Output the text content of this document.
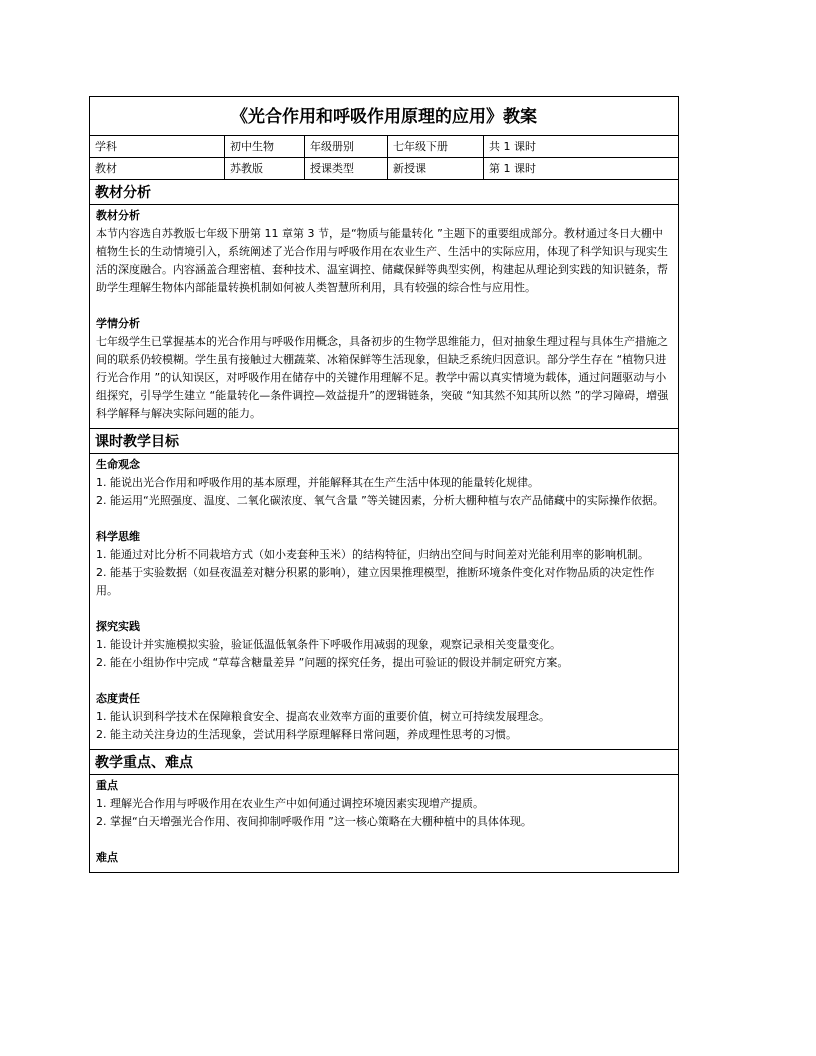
《光合作用和呼吸作用原理的应用》教案
学科	初中生物	年级册别	七年级下册	共 1 课时
教材	苏教版	授课类型	新授课	第 1 课时
教材分析
教材分析

本节内容选自苏教版七年级下册第 11 章第 3 节，是“物质与能量转化 ”主题下的重要组成部分。教材通过冬日大棚中植物生长的生动情境引入，系统阐述了光合作用与呼吸作用在农业生产、生活中的实际应用，体现了科学知识与现实生活的深度融合。内容涵盖合理密植、套种技术、温室调控、储藏保鲜等典型实例，构建起从理论到实践的知识链条，帮助学生理解生物体内部能量转换机制如何被人类智慧所利用，具有较强的综合性与应用性。

学情分析

七年级学生已掌握基本的光合作用与呼吸作用概念，具备初步的生物学思维能力，但对抽象生理过程与具体生产措施之间的联系仍较模糊。学生虽有接触过大棚蔬菜、冰箱保鲜等生活现象，但缺乏系统归因意识。部分学生存在 “植物只进行光合作用 ”的认知误区，对呼吸作用在储存中的关键作用理解不足。教学中需以真实情境为载体，通过问题驱动与小组探究，引导学生建立 “能量转化—条件调控—效益提升”的逻辑链条，突破 “知其然不知其所以然 ”的学习障碍，增强科学解释与解决实际问题的能力。

课时教学目标
生命观念

1. 能说出光合作用和呼吸作用的基本原理，并能解释其在生产生活中体现的能量转化规律。

2. 能运用“光照强度、温度、二氧化碳浓度、氧气含量 ”等关键因素，分析大棚种植与农产品储藏中的实际操作依据。

科学思维

1. 能通过对比分析不同栽培方式（如小麦套种玉米）的结构特征，归纳出空间与时间差对光能利用率的影响机制。

2. 能基于实验数据（如昼夜温差对糖分积累的影响），建立因果推理模型，推断环境条件变化对作物品质的决定性作用。

探究实践

1. 能设计并实施模拟实验，验证低温低氧条件下呼吸作用减弱的现象，观察记录相关变量变化。

2. 能在小组协作中完成 “草莓含糖量差异 ”问题的探究任务，提出可验证的假设并制定研究方案。

态度责任

1. 能认识到科学技术在保障粮食安全、提高农业效率方面的重要价值，树立可持续发展理念。

2. 能主动关注身边的生活现象，尝试用科学原理解释日常问题，养成理性思考的习惯。

教学重点、难点
重点

1. 理解光合作用与呼吸作用在农业生产中如何通过调控环境因素实现增产提质。

2. 掌握“白天增强光合作用、夜间抑制呼吸作用 ”这一核心策略在大棚种植中的具体体现。

难点
